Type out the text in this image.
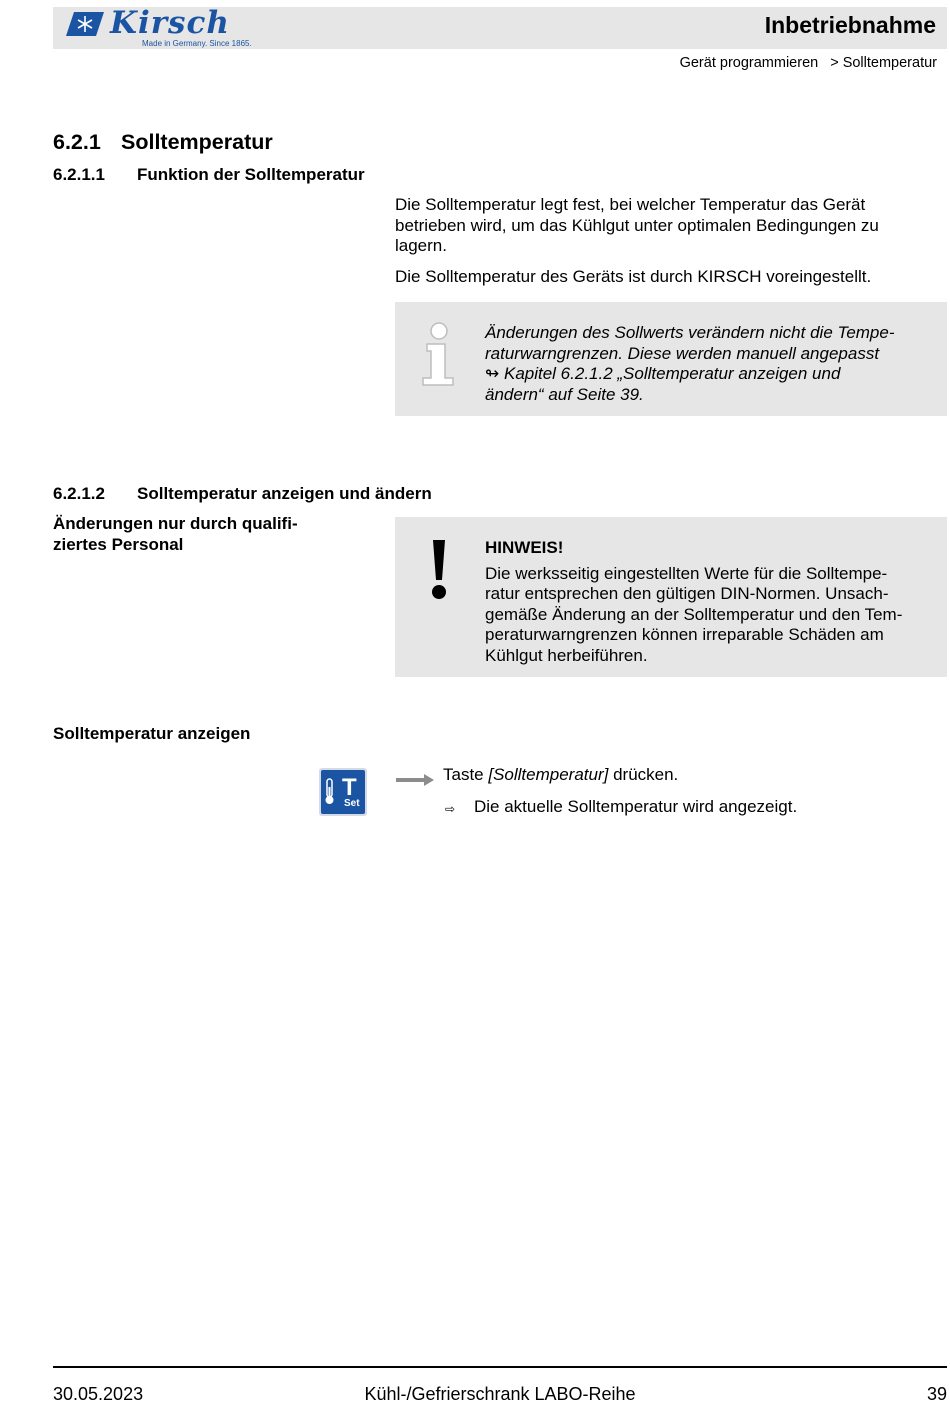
Kirsch
Made in Germany. Since 1865.
Inbetriebnahme
Gerät programmieren > Solltemperatur
6.2.1 Solltemperatur
6.2.1.1 Funktion der Solltemperatur
Die Solltemperatur legt fest, bei welcher Temperatur das Gerät
betrieben wird, um das Kühlgut unter optimalen Bedingungen zu
lagern.
Die Solltemperatur des Geräts ist durch KIRSCH voreingestellt.
Änderungen des Sollwerts verändern nicht die Tempe-
raturwarngrenzen. Diese werden manuell angepasst
↬ Kapitel 6.2.1.2 „Solltemperatur anzeigen und
ändern“ auf Seite 39.
6.2.1.2 Solltemperatur anzeigen und ändern
Änderungen nur durch qualifi-
ziertes Personal	HINWEIS!
Die werksseitig eingestellten Werte für die Solltempe-
ratur entsprechen den gültigen DIN-Normen. Unsach-
gemäße Änderung an der Solltemperatur und den Tem-
peraturwarngrenzen können irreparable Schäden am
Kühlgut herbeiführen.
Solltemperatur anzeigen
T
Set
Taste [Solltemperatur] drücken.
⇨ Die aktuelle Solltemperatur wird angezeigt.
30.05.2023	Kühl-/Gefrierschrank LABO-Reihe	39
